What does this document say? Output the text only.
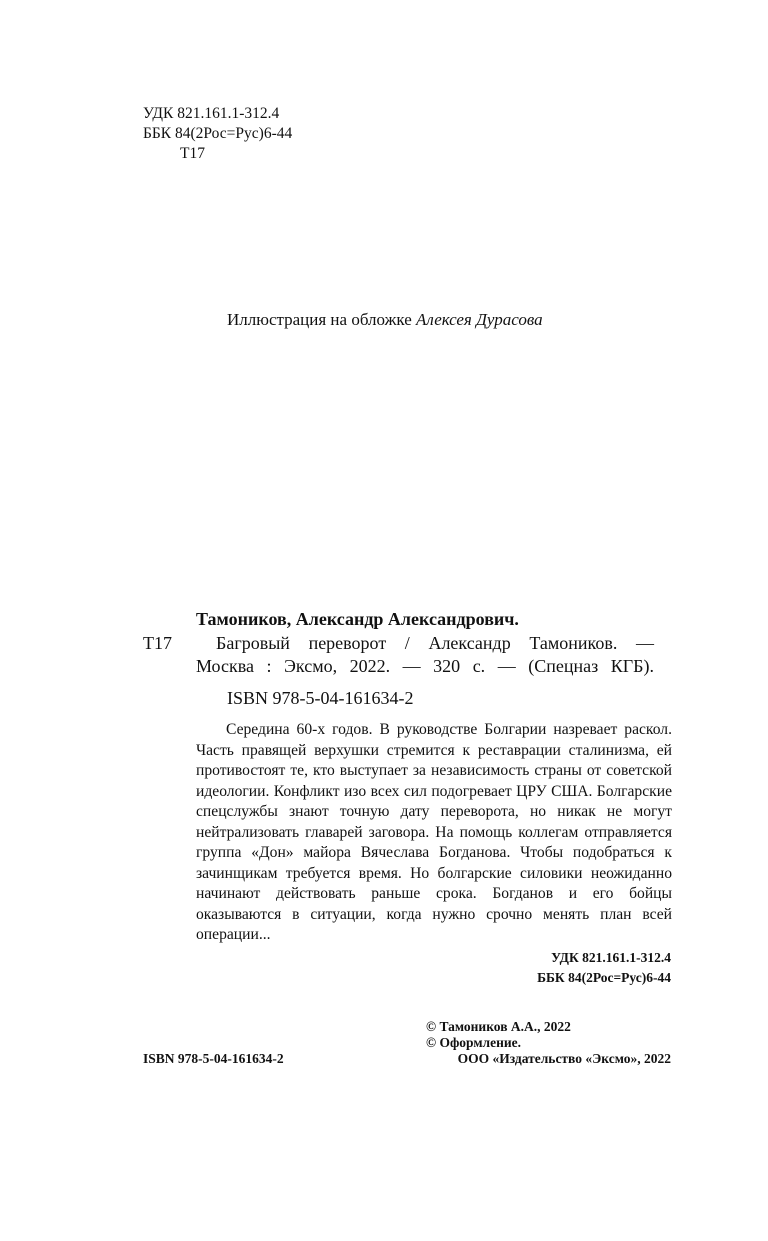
УДК 821.161.1-312.4
ББК 84(2Рос=Рус)6-44
Т17
Иллюстрация на обложке Алексея Дурасова
Тамоников, Александр Александрович.
Т17 Багровый переворот / Александр Тамоников. —
Москва : Эксмо, 2022. — 320 с. — (Спецназ КГБ).
ISBN 978-5-04-161634-2
Середина 60-х годов. В руководстве Болгарии назревает раскол. Часть правящей верхушки стремится к реставрации сталинизма, ей противостоят те, кто выступает за независимость страны от советской идеологии. Конфликт изо всех сил подогревает ЦРУ США. Болгарские спецслужбы знают точную дату переворота, но никак не могут нейтрализовать главарей заговора. На помощь коллегам отправляется группа «Дон» майора Вячеслава Богданова. Чтобы подобраться к зачинщикам требуется время. Но болгарские силовики неожиданно начинают действовать раньше срока. Богданов и его бойцы оказываются в ситуации, когда нужно срочно менять план всей операции...
УДК 821.161.1-312.4
ББК 84(2Рос=Рус)6-44
© Тамоников А.А., 2022
© Оформление.
ООО «Издательство «Эксмо», 2022
ISBN 978-5-04-161634-2
